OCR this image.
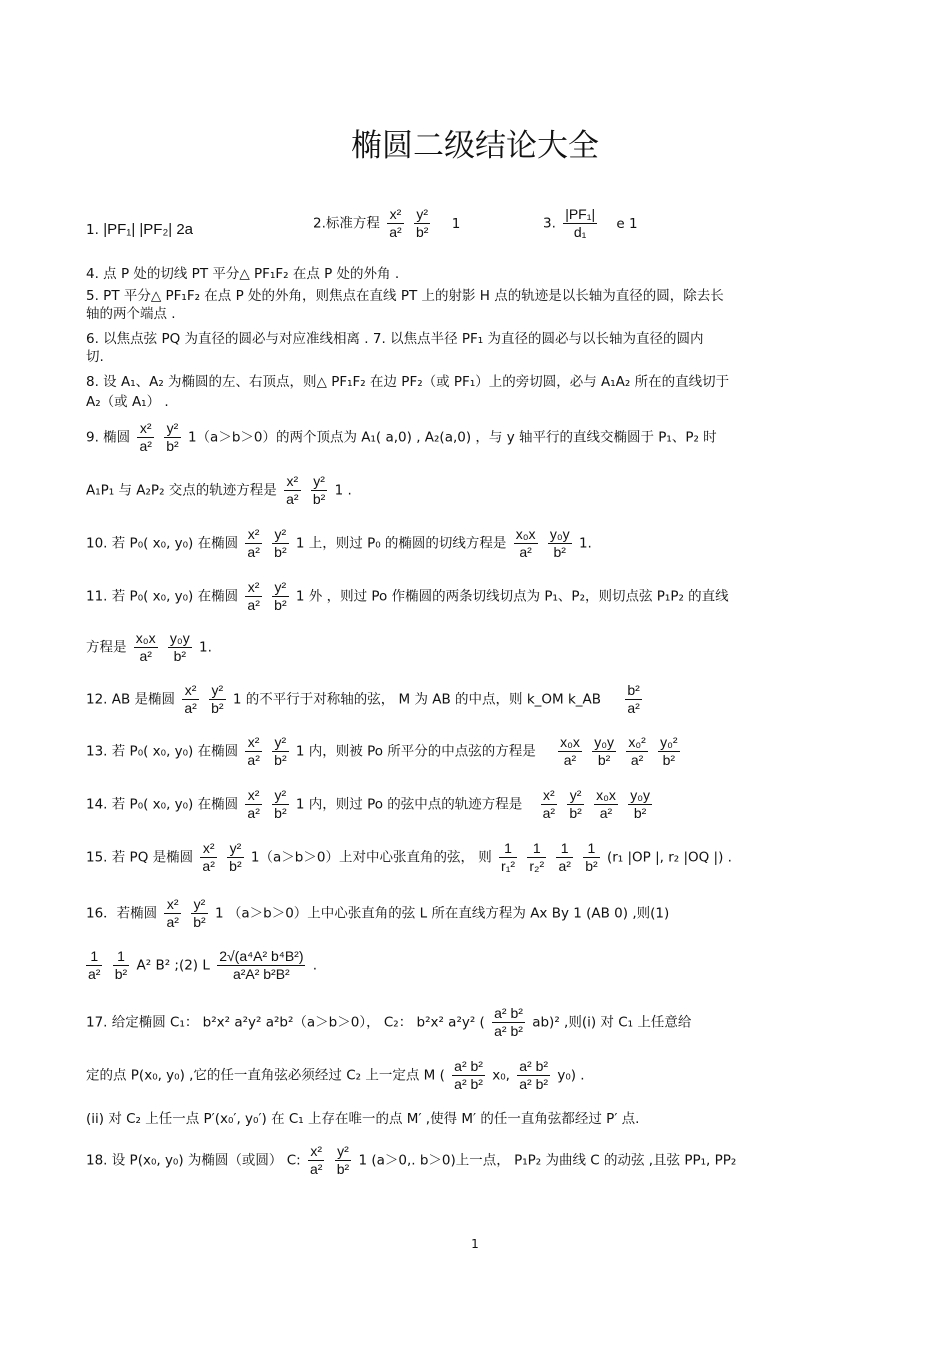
椭圆二级结论大全
1. |PF₁| |PF₂| 2a	2.标准方程 $\frac{\text{x²}}{\text{a²}}$
$\frac{\text{y²}}{\text{b²}} 1$	3. $\frac{\text{|PF₁|}}{\text{d₁}}$ e 1
4. 点 P 处的切线 PT 平分△ PF₁F₂ 在点 P 处的外角 .
5. PT 平分△ PF₁F₂ 在点 P 处的外角，则焦点在直线 PT 上的射影 H 点的轨迹是以长轴为直径的圆，除去长
轴的两个端点 .
6. 以焦点弦 PQ 为直径的圆必与对应准线相离 . 7. 以焦点半径 PF₁ 为直径的圆必与以长轴为直径的圆内
切.
8. 设 A₁、A₂ 为椭圆的左、右顶点，则△ PF₁F₂ 在边 PF₂（或 PF₁）上的旁切圆，必与 A₁A₂ 所在的直线切于
A₂（或 A₁） .
9. 椭圆 $\frac{\text{x²}}{\text{a²}}$
$\frac{\text{y²}}{\text{b²}} 1(a>b>0)$的两个顶点为 A₁( a,0) , A₂(a,0) ，与 y 轴平行的直线交椭圆于 P₁、P₂ 时
A₁P₁ 与 A₂P₂ 交点的轨迹方程是 $\frac{\text{x²}}{\text{a²}}$
$\frac{\text{y²}}{\text{b²}} 1$ .
10. 若 P₀( x₀, y₀) 在椭圆 $\frac{\text{x²}}{\text{a²}}$
$\frac{\text{y²}}{\text{b²}} 1$ 上，则过 P₀ 的椭圆的切线方程是 $\frac{\text{x₀x}}{\text{a²}}$
$\frac{\text{y₀y}}{\text{b²}} 1$.
11. 若 P₀( x₀, y₀) 在椭圆 $\frac{\text{x²}}{\text{a²}}$
$\frac{\text{y²}}{\text{b²}} 1$ 外 ，则过 Po 作椭圆的两条切线切点为 P₁、P₂，则切点弦 P₁P₂ 的直线
方程是 $\frac{\text{x₀x}}{\text{a²}}$
$\frac{\text{y₀y}}{\text{b²}} 1$.
12. AB 是椭圆 $\frac{\text{x²}}{\text{a²}}$
$\frac{\text{y²}}{\text{b²}} 1$ 的不平行于对称轴的弦， M 为 AB 的中点，则 k_OM k_AB $\frac{\text{b²}}{\text{a²}}$
13. 若 P₀( x₀, y₀) 在椭圆 $\frac{\text{x²}}{\text{a²}}$
$\frac{\text{y²}}{\text{b²}} 1$ 内，则被 Po 所平分的中点弦的方程是 $\frac{\text{x₀x}}{\text{a²}}$
$\frac{\text{y₀y}}{\text{b²}}$
$\frac{\text{x₀²}}{\text{a²}}$
$\frac{\text{y₀²}}{\text{b²}}$
14. 若 P₀( x₀, y₀) 在椭圆 $\frac{\text{x²}}{\text{a²}}$
$\frac{\text{y²}}{\text{b²}} 1$ 内，则过 Po 的弦中点的轨迹方程是 $\frac{\text{x²}}{\text{a²}}$
$\frac{\text{y²}}{\text{b²}}$
$\frac{\text{x₀x}}{\text{a²}}$
$\frac{\text{y₀y}}{\text{b²}}$
15. 若 PQ 是椭圆 $\frac{\text{x²}}{\text{a²}}$
$\frac{\text{y²}}{\text{b²}} 1(a>b>0)$上对中心张直角的弦， 则 $\frac{1}{\text{r₁²}}$
$\frac{1}{\text{r₂²}}$
$\frac{1}{\text{a²}}$
$\frac{1}{\text{b²}} (r_1$ |OP |, r₂ |OQ |) .
16．若椭圆 $\frac{\text{x²}}{\text{a²}}$
$\frac{\text{y²}}{\text{b²}} 1$ （a＞b＞0）上中心张直角的弦 L 所在直线方程为 Ax By 1 (AB 0) ,则(1)
$\frac{1}{\text{a²}}$
$\frac{1}{\text{b²}} A^2$ B² ;(2) L $\frac{\text{2√(a⁴A² b⁴B²)}}{\text{a²A² b²B²}}$ .
17. 给定椭圆 C₁： b²x² a²y² a²b²（a＞b＞0）， C₂： b²x² a²y² ( $\frac{\text{a² b²}}{\text{a² b²}} ab)^2$ ,则(i) 对 C₁ 上任意给
定的点 P(x₀, y₀) ,它的任一直角弦必须经过 C₂ 上一定点 M ( $\frac{\text{a² b²}}{\text{a² b²}} x_0$, $\frac{\text{a² b²}}{\text{a² b²}} y_0$) .
(ii) 对 C₂ 上任一点 P′(x₀′, y₀′) 在 C₁ 上存在唯一的点 M′ ,使得 M′ 的任一直角弦都经过 P′ 点.
18. 设 P(x₀, y₀) 为椭圆（或圆） C: $\frac{\text{x²}}{\text{a²}}$
$\frac{\text{y²}}{\text{b²}} 1$ (a＞0,. b＞0)上一点， P₁P₂ 为曲线 C 的动弦 ,且弦 PP₁, PP₂
1
